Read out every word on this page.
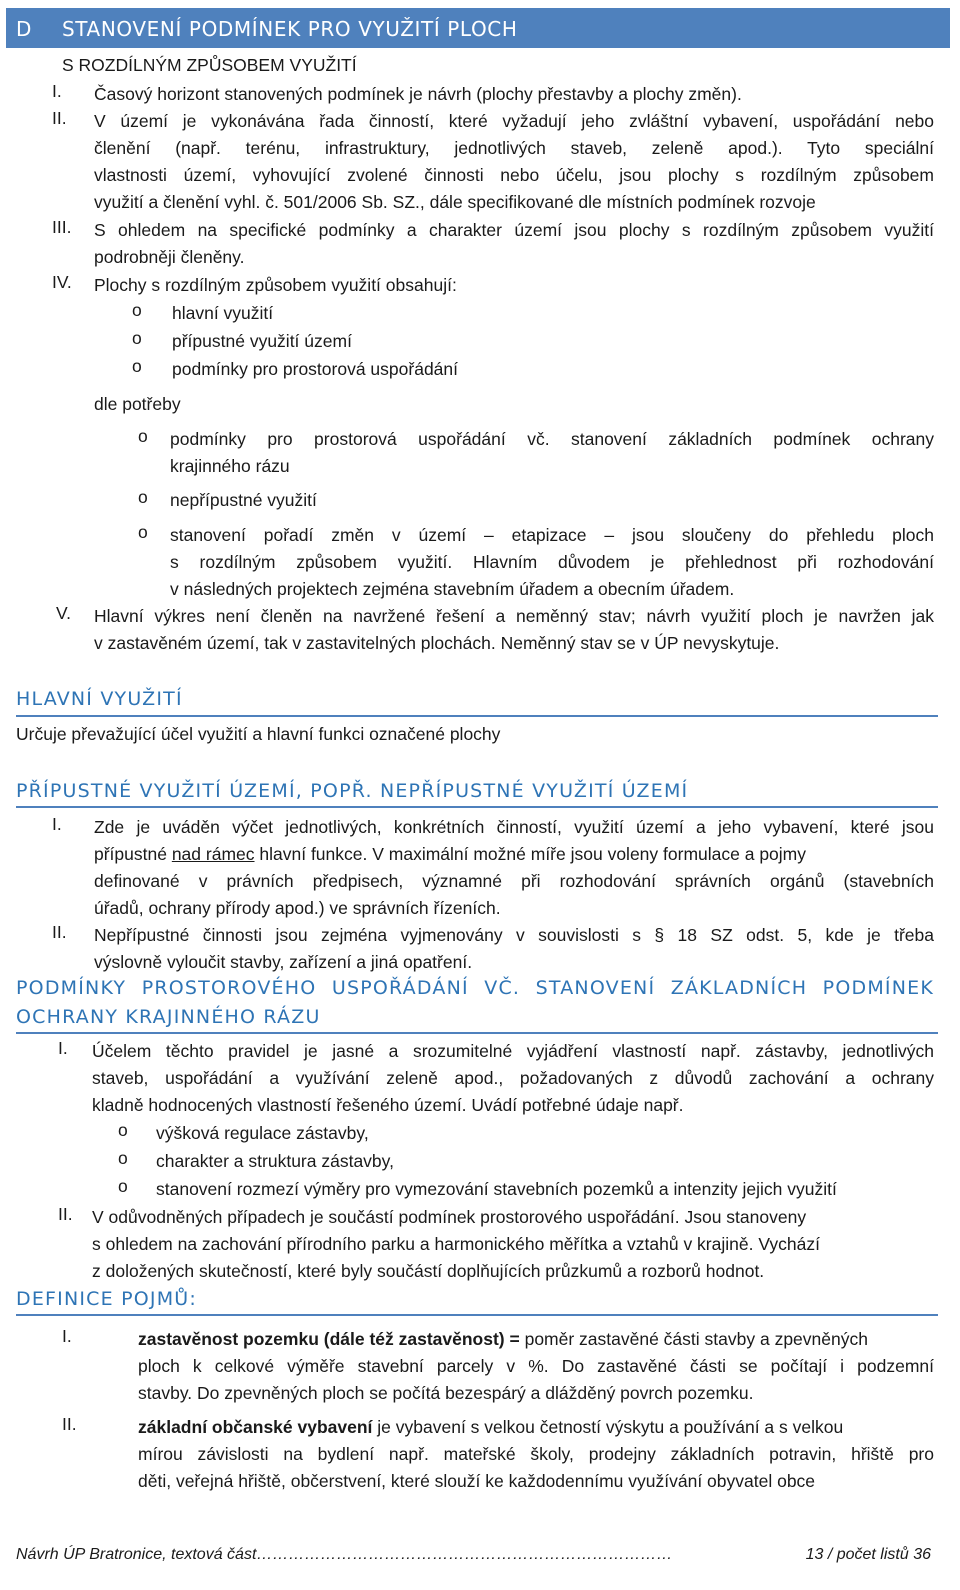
D STANOVENÍ PODMÍNEK PRO VYUŽITÍ PLOCH
S ROZDÍLNÝM ZPŮSOBEM VYUŽITÍ
I. Časový horizont stanovených podmínek je návrh (plochy přestavby a plochy změn).
II. V území je vykonávána řada činností, které vyžadují jeho zvláštní vybavení, uspořádání nebo
členění (např. terénu, infrastruktury, jednotlivých staveb, zeleně apod.). Tyto speciální
vlastnosti území, vyhovující zvolené činnosti nebo účelu, jsou plochy s rozdílným způsobem
využití a členění vyhl. č. 501/2006 Sb. SZ., dále specifikované dle místních podmínek rozvoje
III. S ohledem na specifické podmínky a charakter území jsou plochy s rozdílným způsobem využití
podrobněji členěny.
IV. Plochy s rozdílným způsobem využití obsahují:
o hlavní využití
o přípustné využití území
o podmínky pro prostorová uspořádání
dle potřeby
o podmínky pro prostorová uspořádání vč. stanovení základních podmínek ochrany
krajinného rázu
o nepřípustné využití
o stanovení pořadí změn v území – etapizace – jsou sloučeny do přehledu ploch
s rozdílným způsobem využití. Hlavním důvodem je přehlednost při rozhodování
v následných projektech zejména stavebním úřadem a obecním úřadem.
V. Hlavní výkres není členěn na navržené řešení a neměnný stav; návrh využití ploch je navržen jak
v zastavěném území, tak v zastavitelných plochách. Neměnný stav se v ÚP nevyskytuje.
HLAVNÍ VYUŽITÍ
Určuje převažující účel využití a hlavní funkci označené plochy
PŘÍPUSTNÉ VYUŽITÍ ÚZEMÍ, POPŘ. NEPŘÍPUSTNÉ VYUŽITÍ ÚZEMÍ
I. Zde je uváděn výčet jednotlivých, konkrétních činností, využití území a jeho vybavení, které jsou
přípustné nad rámec hlavní funkce. V maximální možné míře jsou voleny formulace a pojmy
definované v právních předpisech, významné při rozhodování správních orgánů (stavebních
úřadů, ochrany přírody apod.) ve správních řízeních.
II. Nepřípustné činnosti jsou zejména vyjmenovány v souvislosti s § 18 SZ odst. 5, kde je třeba
výslovně vyloučit stavby, zařízení a jiná opatření.
PODMÍNKY PROSTOROVÉHO USPOŘÁDÁNÍ VČ. STANOVENÍ ZÁKLADNÍCH PODMÍNEK
OCHRANY KRAJINNÉHO RÁZU
I. Účelem těchto pravidel je jasné a srozumitelné vyjádření vlastností např. zástavby, jednotlivých
staveb, uspořádání a využívání zeleně apod., požadovaných z důvodů zachování a ochrany
kladně hodnocených vlastností řešeného území. Uvádí potřebné údaje např.
o výšková regulace zástavby,
o charakter a struktura zástavby,
o stanovení rozmezí výměry pro vymezování stavebních pozemků a intenzity jejich využití
II. V odůvodněných případech je součástí podmínek prostorového uspořádání. Jsou stanoveny
s ohledem na zachování přírodního parku a harmonického měřítka a vztahů v krajině. Vychází
z doložených skutečností, které byly součástí doplňujících průzkumů a rozborů hodnot.
DEFINICE POJMŮ:
I.	zastavěnost pozemku (dále též zastavěnost) = poměr zastavěné části stavby a zpevněných
ploch k celkové výměře stavební parcely v %. Do zastavěné části se počítají i podzemní
stavby. Do zpevněných ploch se počítá bezespárý a dlážděný povrch pozemku.
II.	základní občanské vybavení je vybavení s velkou četností výskytu a používání a s velkou
mírou závislosti na bydlení např. mateřské školy, prodejny základních potravin, hřiště pro
děti, veřejná hřiště, občerstvení, které slouží ke každodennímu využívání obyvatel obce
Návrh ÚP Bratronice, textová část……………………………………………………………………	13 / počet listů 36
